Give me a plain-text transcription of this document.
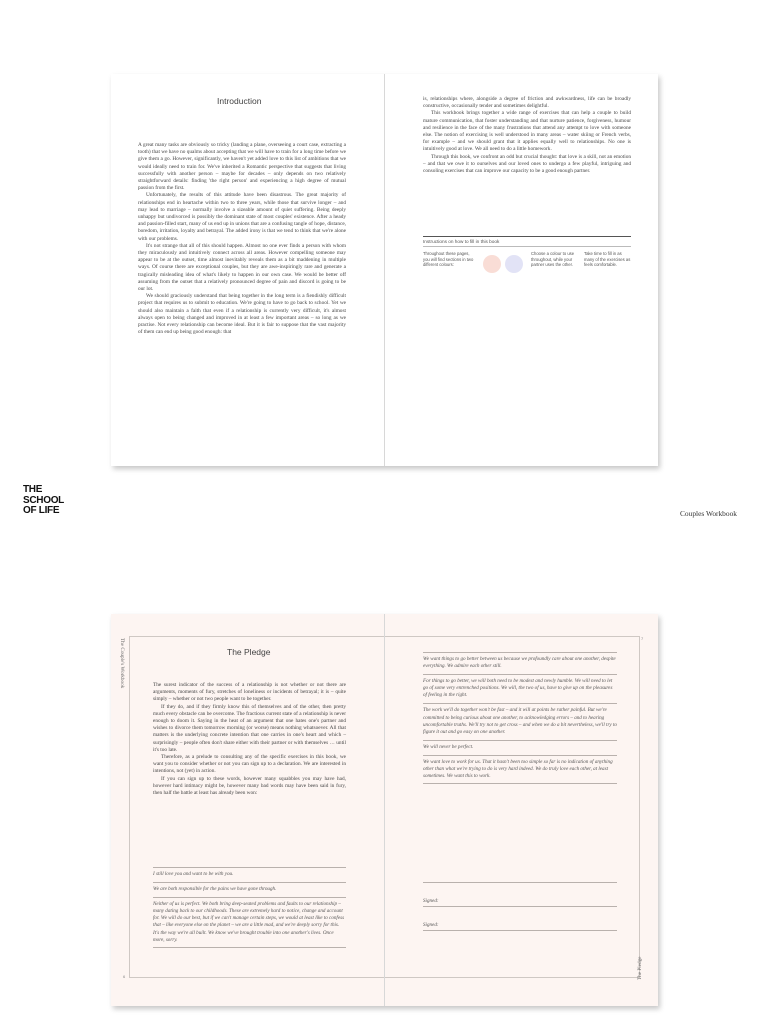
Introduction

A great many tasks are obviously so tricky (landing a plane, overseeing a court case, extracting a tooth) that we have no qualms about accepting that we will have to train for a long time before we give them a go. However, significantly, we haven't yet added love to this list of ambitions that we would ideally need to train for. We've inherited a Romantic perspective that suggests that living successfully with another person – maybe for decades – only depends on two relatively straightforward details: finding 'the right person' and experiencing a high degree of mutual passion from the first.

Unfortunately, the results of this attitude have been disastrous. The great majority of relationships end in heartache within two to three years, while those that survive longer – and may lead to marriage – normally involve a sizeable amount of quiet suffering. Being deeply unhappy but undivorced is possibly the dominant state of most couples' existence. After a heady and passion-filled start, many of us end up in unions that are a confusing tangle of hope, distance, boredom, irritation, loyalty and betrayal. The added irony is that we tend to think that we're alone with our problems.

It's not strange that all of this should happen. Almost no one ever finds a person with whom they miraculously and intuitively connect across all areas. However compelling someone may appear to be at the outset, time almost inevitably reveals them as a bit maddening in multiple ways. Of course there are exceptional couples, but they are awe-inspiringly rare and generate a tragically misleading idea of what's likely to happen in our own case. We would be better off assuming from the outset that a relatively pronounced degree of pain and discord is going to be our lot.

We should graciously understand that being together in the long term is a fiendishly difficult project that requires us to submit to education. We're going to have to go back to school. Yet we should also maintain a faith that even if a relationship is currently very difficult, it's almost always open to being changed and improved in at least a few important areas – so long as we practise. Not every relationship can become ideal. But it is fair to suppose that the vast majority of them can end up being good enough: that

is, relationships where, alongside a degree of friction and awkwardness, life can be broadly constructive, occasionally tender and sometimes delightful.

This workbook brings together a wide range of exercises that can help a couple to build mature communication, that foster understanding and that nurture patience, forgiveness, humour and resilience in the face of the many frustrations that attend any attempt to love with someone else. The notion of exercising is well understood in many areas – water skiing or French verbs, for example – and we should grant that it applies equally well to relationships. No one is intuitively good at love. We all need to do a little homework.

Through this book, we confront an odd but crucial thought: that love is a skill, not an emotion – and that we owe it to ourselves and our loved ones to undergo a few playful, intriguing and consoling exercises that can improve our capacity to be a good enough partner.

Instructions on how to fill in this book
Throughout these pages, you will find sections in two different colours:
Choose a colour to use throughout, while your partner uses the other.
Take time to fill in as many of the exercises as feels comfortable.
THE
SCHOOL
OF LIFE	Couples Workbook
The Couple's Workbook
6
The Pledge

The surest indicator of the success of a relationship is not whether or not there are arguments, moments of fury, stretches of loneliness or incidents of betrayal; it is – quite simply – whether or not two people want to be together.

If they do, and if they firmly know this of themselves and of the other, then pretty much every obstacle can be overcome. The fractious current state of a relationship is never enough to doom it. Saying in the heat of an argument that one hates one's partner and wishes to divorce them tomorrow morning (or worse) means nothing whatsoever. All that matters is the underlying concrete intention that one carries in one's heart and which – surprisingly – people often don't share either with their partner or with themselves … until it's too late.

Therefore, as a prelude to consulting any of the specific exercises in this book, we want you to consider whether or not you can sign up to a declaration. We are interested in intentions, not (yet) in action.

If you can sign up to these words, however many squabbles you may have had, however hard intimacy might be, however many bad words may have been said in fury, then half the battle at least has already been won:

I still love you and want to be with you.
We are both responsible for the pains we have gone through.
Neither of us is perfect. We both bring deep-seated problems and faults to our relationship – many dating back to our childhoods. These are extremely hard to notice, change and account for. We will do our best, but if we can't manage certain steps, we would at least like to confess that – like everyone else on the planet – we are a little mad, and we're deeply sorry for this. It's the way we're all built. We know we've brought trouble into one another's lives. Once more, sorry.
7
The Pledge
We want things to go better between us because we profoundly care about one another, despite everything. We admire each other still.
For things to go better, we will both need to be modest and newly humble. We will need to let go of some very entrenched positions. We will, the two of us, have to give up on the pleasures of feeling in the right.
The work we'll do together won't be fast – and it will at points be rather painful. But we're committed to being curious about one another, to acknowledging errors – and to hearing uncomfortable truths. We'll try not to get cross – and when we do a bit nevertheless, we'll try to figure it out and go easy on one another.
We will never be perfect.
We want love to work for us. That it hasn't been too simple so far is no indication of anything other than what we're trying to do is very hard indeed. We do truly love each other, at least sometimes. We want this to work.
Signed:
Signed:
